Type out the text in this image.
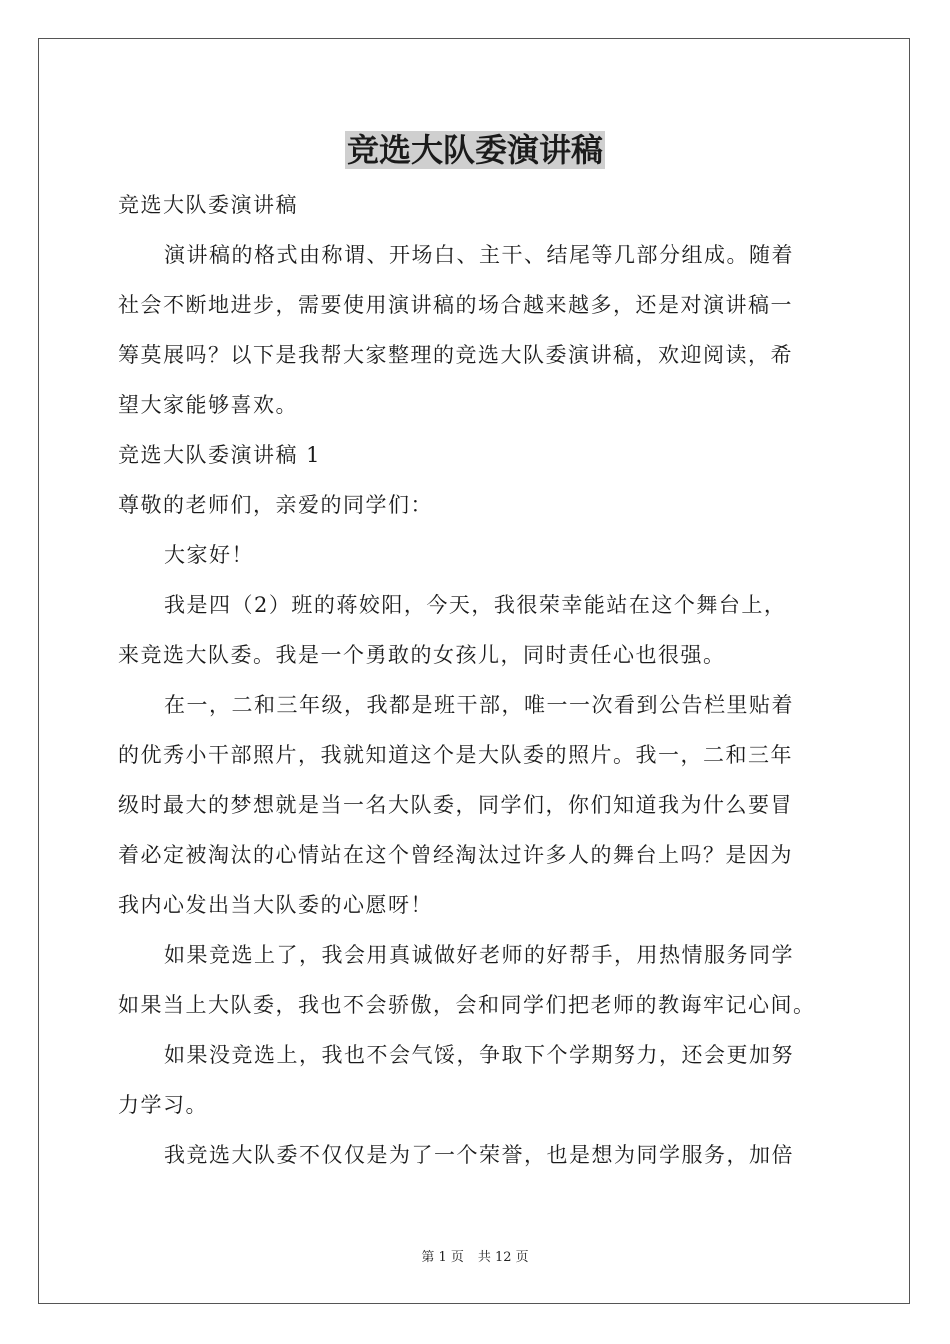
竞选大队委演讲稿
竞选大队委演讲稿
演讲稿的格式由称谓、开场白、主干、结尾等几部分组成。随着
社会不断地进步，需要使用演讲稿的场合越来越多，还是对演讲稿一
筹莫展吗？以下是我帮大家整理的竞选大队委演讲稿，欢迎阅读，希
望大家能够喜欢。
竞选大队委演讲稿 1
尊敬的老师们，亲爱的同学们：
大家好！
我是四（2）班的蒋姣阳，今天，我很荣幸能站在这个舞台上，
来竞选大队委。我是一个勇敢的女孩儿，同时责任心也很强。
在一，二和三年级，我都是班干部，唯一一次看到公告栏里贴着
的优秀小干部照片，我就知道这个是大队委的照片。我一，二和三年
级时最大的梦想就是当一名大队委，同学们，你们知道我为什么要冒
着必定被淘汰的心情站在这个曾经淘汰过许多人的舞台上吗？是因为
我内心发出当大队委的心愿呀！
如果竞选上了，我会用真诚做好老师的好帮手，用热情服务同学
如果当上大队委，我也不会骄傲，会和同学们把老师的教诲牢记心间。
如果没竞选上，我也不会气馁，争取下个学期努力，还会更加努
力学习。
我竞选大队委不仅仅是为了一个荣誉，也是想为同学服务，加倍
第 1 页 共 12 页
